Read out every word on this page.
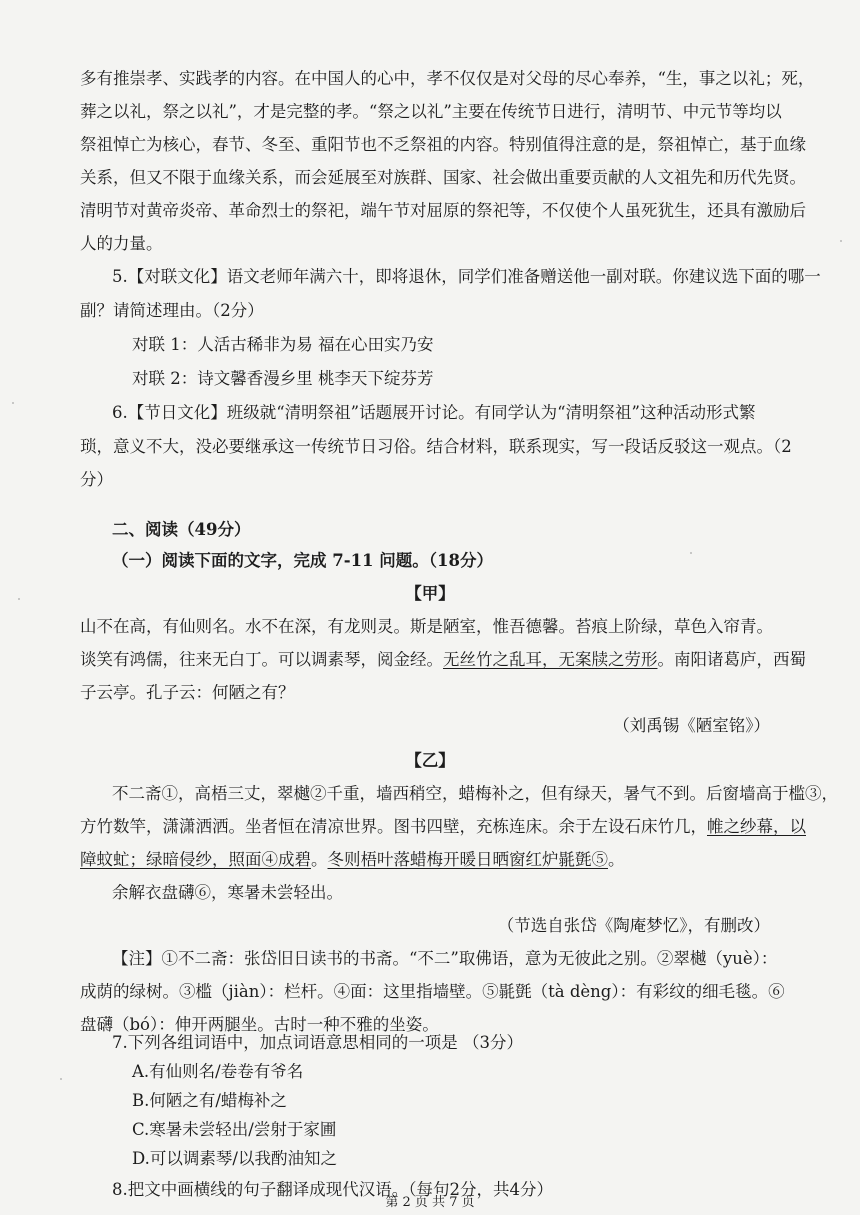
多有推崇孝、实践孝的内容。在中国人的心中，孝不仅仅是对父母的尽心奉养，“生，事之以礼；死，
葬之以礼，祭之以礼”，才是完整的孝。“祭之以礼”主要在传统节日进行，清明节、中元节等均以
祭祖悼亡为核心，春节、冬至、重阳节也不乏祭祖的内容。特别值得注意的是，祭祖悼亡，基于血缘
关系，但又不限于血缘关系，而会延展至对族群、国家、社会做出重要贡献的人文祖先和历代先贤。
清明节对黄帝炎帝、革命烈士的祭祀，端午节对屈原的祭祀等，不仅使个人虽死犹生，还具有激励后
人的力量。
5.【对联文化】语文老师年满六十，即将退休，同学们准备赠送他一副对联。你建议选下面的哪一
副？请简述理由。（2分）
对联 1：人活古稀非为易 福在心田实乃安
对联 2：诗文馨香漫乡里 桃李天下绽芬芳
6.【节日文化】班级就“清明祭祖”话题展开讨论。有同学认为“清明祭祖”这种活动形式繁
琐，意义不大，没必要继承这一传统节日习俗。结合材料，联系现实，写一段话反驳这一观点。（2
分）
二、阅读（49分）
（一）阅读下面的文字，完成 7-11 问题。（18分）
【甲】
山不在高，有仙则名。水不在深，有龙则灵。斯是陋室，惟吾德馨。苔痕上阶绿，草色入帘青。
谈笑有鸿儒，往来无白丁。可以调素琴，阅金经。无丝竹之乱耳，无案牍之劳形。南阳诸葛庐，西蜀
子云亭。孔子云：何陋之有？
（刘禹锡《陋室铭》）
【乙】
不二斋①，高梧三丈，翠樾②千重，墙西稍空，蜡梅补之，但有绿天，暑气不到。后窗墙高于槛③，
方竹数竿，潇潇洒洒。坐者恒在清凉世界。图书四壁，充栋连床。余于左设石床竹几，帷之纱幕，以
障蚊虻；绿暗侵纱，照面④成碧。冬则梧叶落蜡梅开暖日晒窗红炉毾㲪⑤。
余解衣盘礴⑥，寒暑未尝轻出。
（节选自张岱《陶庵梦忆》，有删改）
【注】①不二斋：张岱旧日读书的书斋。“不二”取佛语，意为无彼此之别。②翠樾（yuè）：
成荫的绿树。③槛（jiàn）：栏杆。④面：这里指墙壁。⑤毾㲪（tà dèng）：有彩纹的细毛毯。⑥
盘礴（bó）：伸开两腿坐。古时一种不雅的坐姿。
7.下列各组词语中，加点词语意思相同的一项是 （3分）
A.有仙则名/卷卷有爷名
B.何陋之有/蜡梅补之
C.寒暑未尝轻出/尝射于家圃
D.可以调素琴/以我酌油知之
第 2 页 共 7 页
8.把文中画横线的句子翻译成现代汉语。（每句2分，共4分）
